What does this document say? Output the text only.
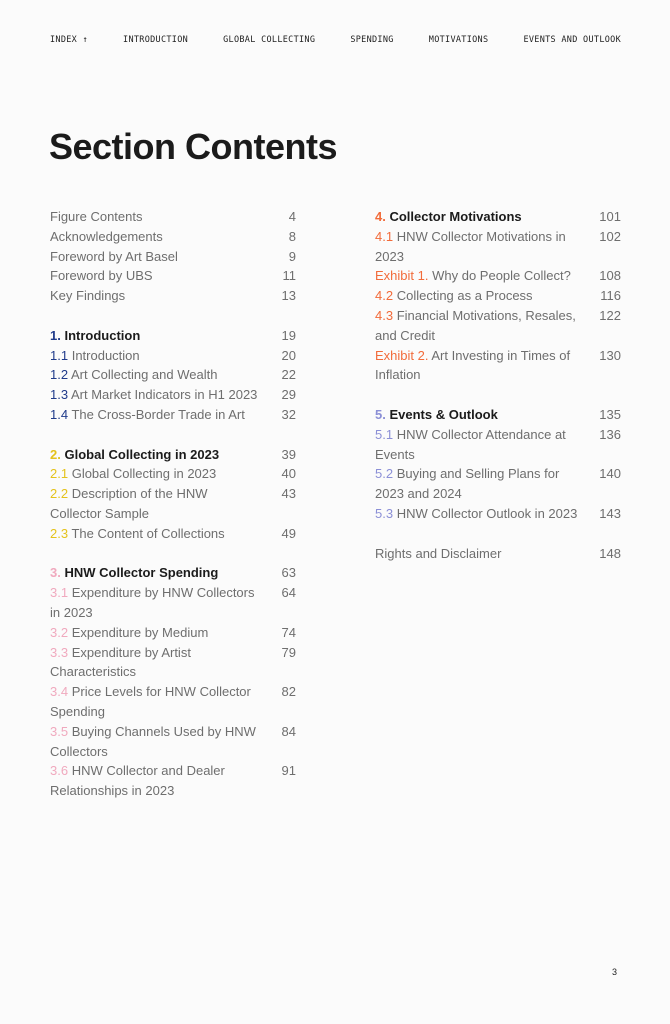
INDEX ↑	INTRODUCTION	GLOBAL COLLECTING	SPENDING	MOTIVATIONS	EVENTS AND OUTLOOK
Section Contents
Figure Contents	4
Acknowledgements	8
Foreword by Art Basel	9
Foreword by UBS	11
Key Findings	13
1. Introduction	19
1.1 Introduction	20
1.2 Art Collecting and Wealth	22
1.3 Art Market Indicators in H1 2023	29
1.4 The Cross-Border Trade in Art	32
2. Global Collecting in 2023	39
2.1 Global Collecting in 2023	40
2.2 Description of the HNW Collector Sample
43
2.3 The Content of Collections	49
3. HNW Collector Spending	63
3.1 Expenditure by HNW Collectors in 2023
64
3.2 Expenditure by Medium	74
3.3 Expenditure by Artist Characteristics
79
3.4 Price Levels for HNW Collector Spending
82
3.5 Buying Channels Used by HNW Collectors
84
3.6 HNW Collector and Dealer Relationships in 2023
91
4. Collector Motivations	101
4.1 HNW Collector Motivations in 2023
102
Exhibit 1. Why do People Collect?	108
4.2 Collecting as a Process	116
4.3 Financial Motivations, Resales, and Credit
122
Exhibit 2. Art Investing in Times of Inflation
130
5. Events & Outlook	135
5.1 HNW Collector Attendance at Events
136
5.2 Buying and Selling Plans for 2023 and 2024
140
5.3 HNW Collector Outlook in 2023	143
Rights and Disclaimer	148
3
